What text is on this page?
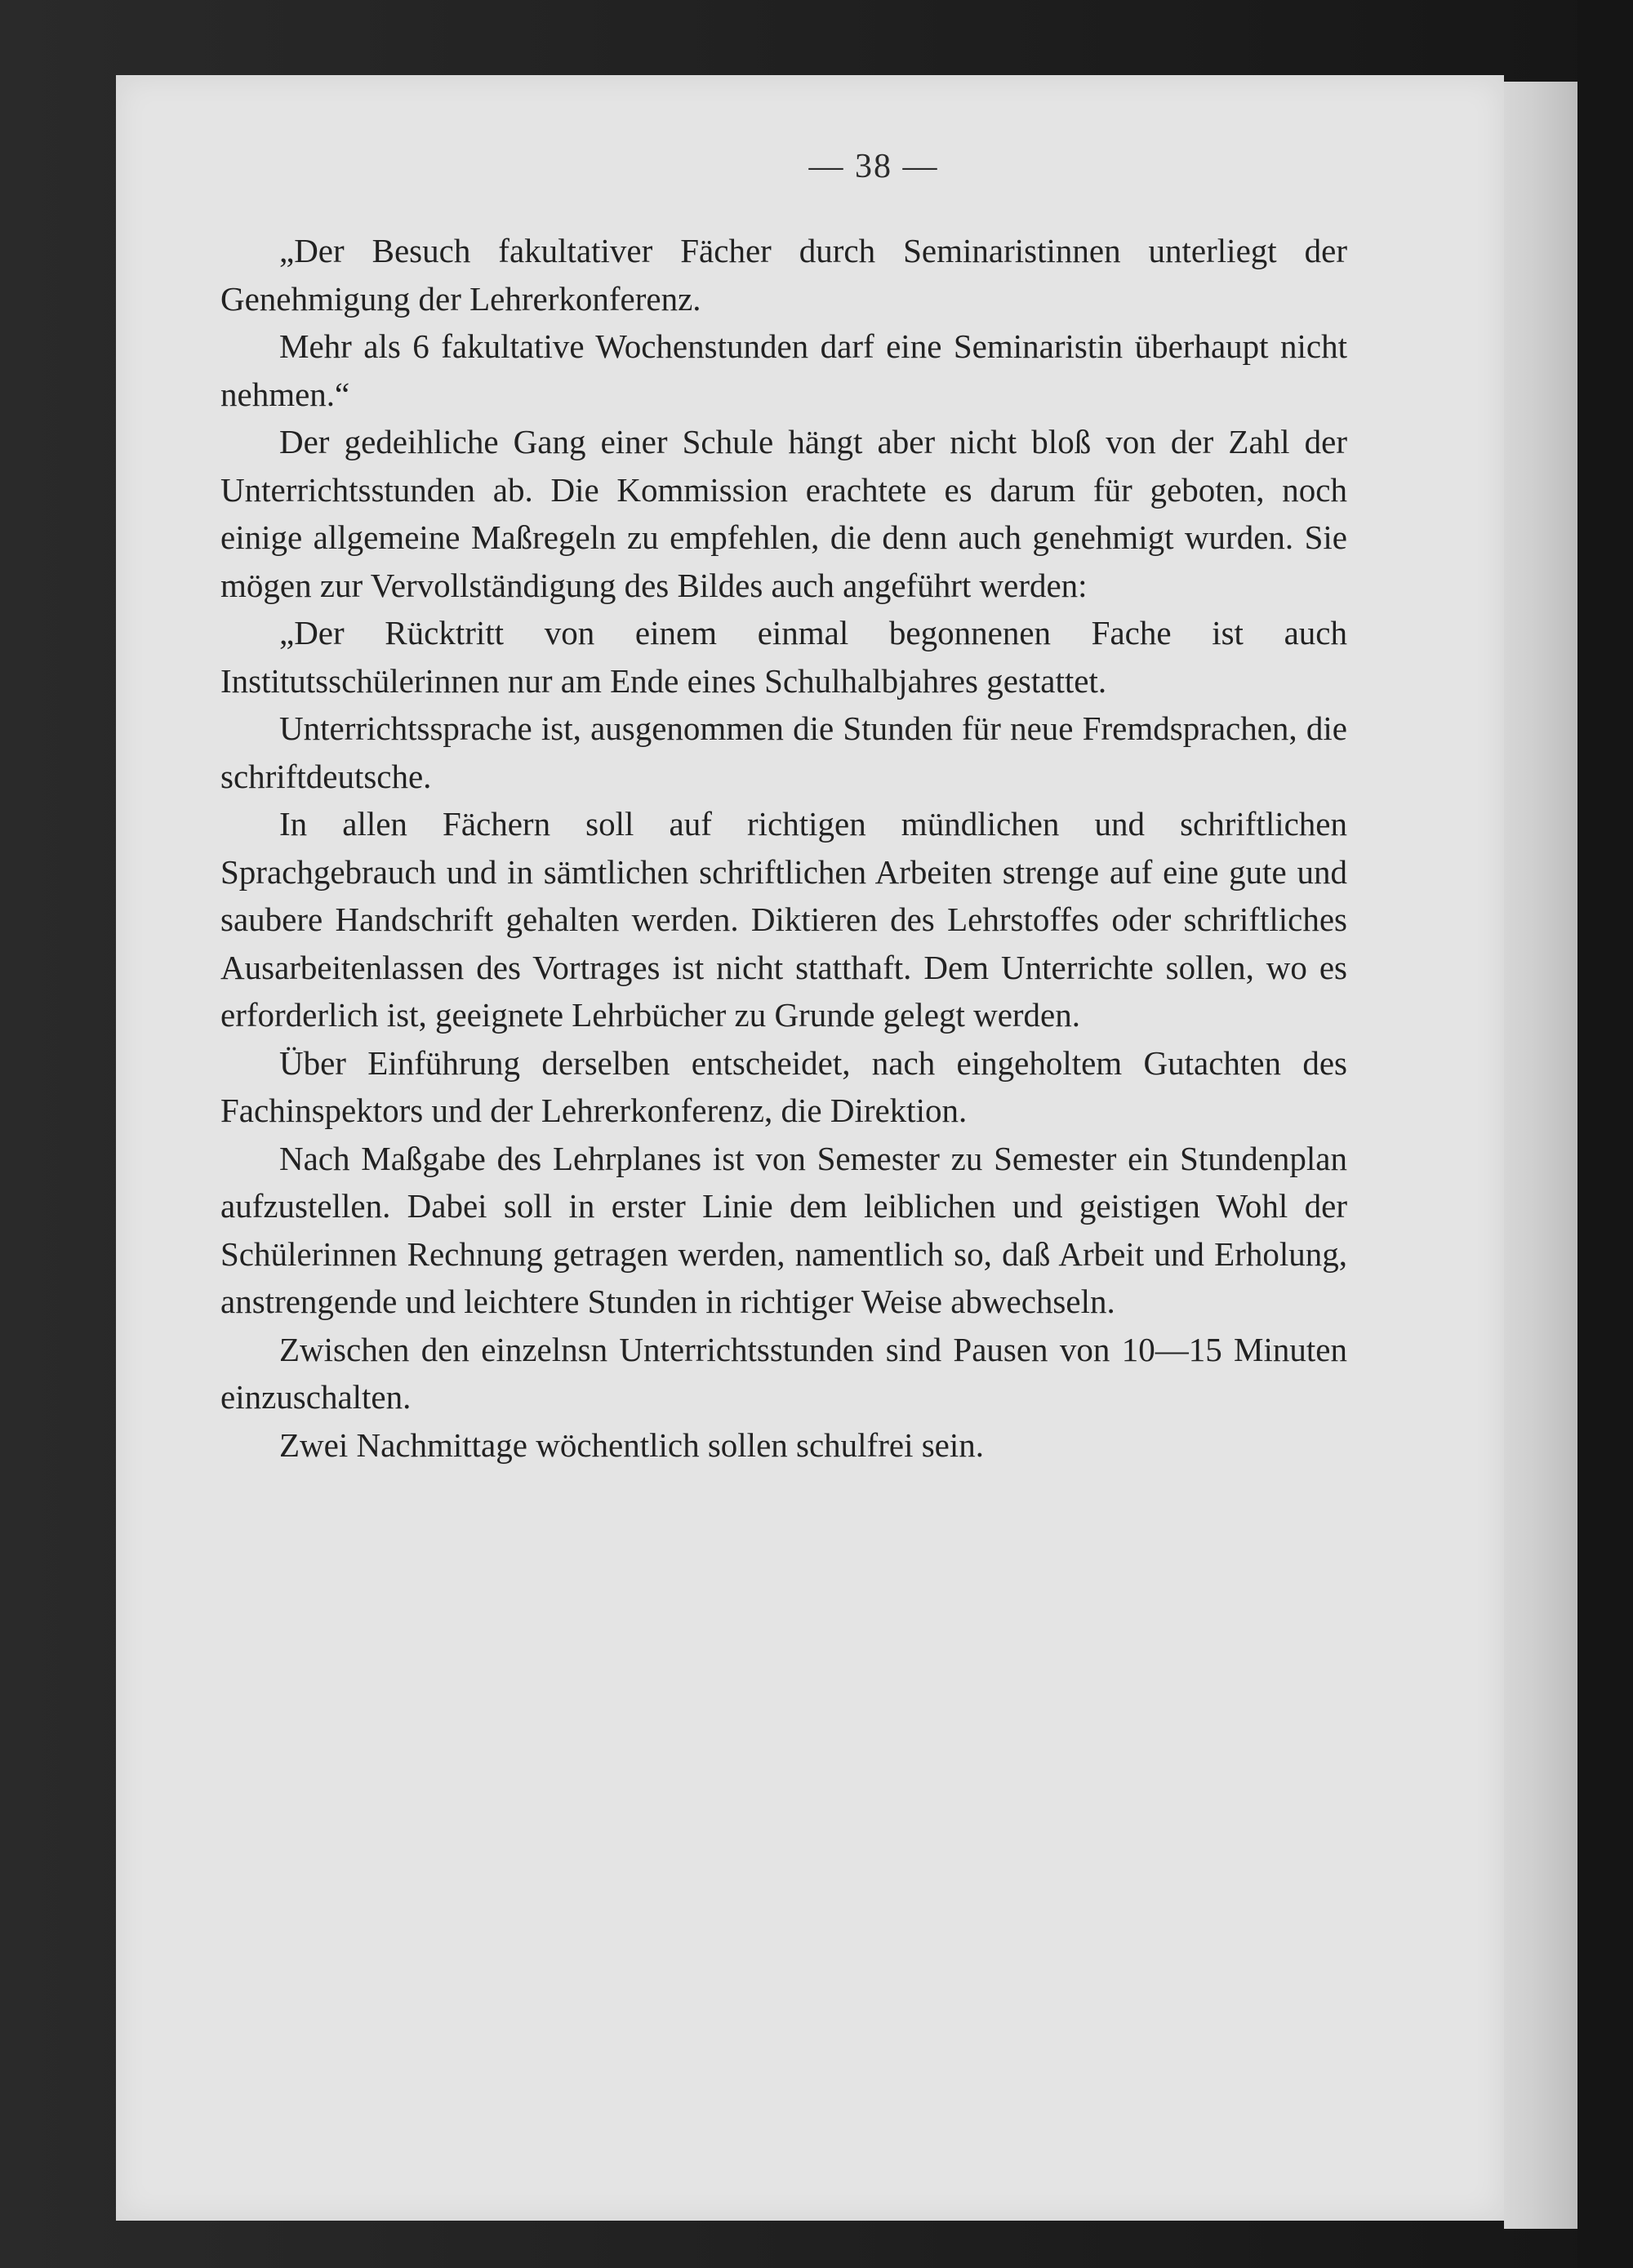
— 38 —

„Der Besuch fakultativer Fächer durch Seminaristinnen unterliegt der Genehmigung der Lehrerkonferenz.

Mehr als 6 fakultative Wochenstunden darf eine Seminaristin überhaupt nicht nehmen.“

Der gedeihliche Gang einer Schule hängt aber nicht bloß von der Zahl der Unterrichtsstunden ab. Die Kommission erachtete es darum für geboten, noch einige allgemeine Maßregeln zu empfehlen, die denn auch genehmigt wurden. Sie mögen zur Vervollständigung des Bildes auch angeführt werden:

„Der Rücktritt von einem einmal begonnenen Fache ist auch Institutsschülerinnen nur am Ende eines Schulhalbjahres gestattet.

Unterrichtssprache ist, ausgenommen die Stunden für neue Fremdsprachen, die schriftdeutsche.

In allen Fächern soll auf richtigen mündlichen und schriftlichen Sprachgebrauch und in sämtlichen schriftlichen Arbeiten strenge auf eine gute und saubere Handschrift gehalten werden. Diktieren des Lehrstoffes oder schriftliches Ausarbeitenlassen des Vortrages ist nicht statthaft. Dem Unterrichte sollen, wo es erforderlich ist, geeignete Lehrbücher zu Grunde gelegt werden.

Über Einführung derselben entscheidet, nach eingeholtem Gutachten des Fachinspektors und der Lehrerkonferenz, die Direktion.

Nach Maßgabe des Lehrplanes ist von Semester zu Semester ein Stundenplan aufzustellen. Dabei soll in erster Linie dem leiblichen und geistigen Wohl der Schülerinnen Rechnung getragen werden, namentlich so, daß Arbeit und Erholung, anstrengende und leichtere Stunden in richtiger Weise abwechseln.

Zwischen den einzelnsn Unterrichtsstunden sind Pausen von 10—15 Minuten einzuschalten.

Zwei Nachmittage wöchentlich sollen schulfrei sein.
